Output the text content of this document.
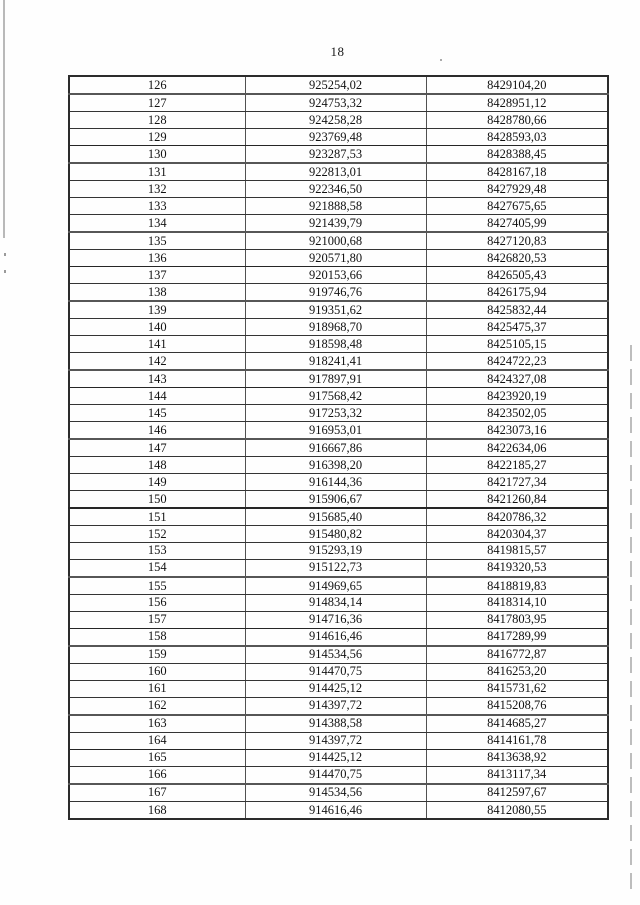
18
126	925254,02	8429104,20
127	924753,32	8428951,12
128	924258,28	8428780,66
129	923769,48	8428593,03
130	923287,53	8428388,45
131	922813,01	8428167,18
132	922346,50	8427929,48
133	921888,58	8427675,65
134	921439,79	8427405,99
135	921000,68	8427120,83
136	920571,80	8426820,53
137	920153,66	8426505,43
138	919746,76	8426175,94
139	919351,62	8425832,44
140	918968,70	8425475,37
141	918598,48	8425105,15
142	918241,41	8424722,23
143	917897,91	8424327,08
144	917568,42	8423920,19
145	917253,32	8423502,05
146	916953,01	8423073,16
147	916667,86	8422634,06
148	916398,20	8422185,27
149	916144,36	8421727,34
150	915906,67	8421260,84
151	915685,40	8420786,32
152	915480,82	8420304,37
153	915293,19	8419815,57
154	915122,73	8419320,53
155	914969,65	8418819,83
156	914834,14	8418314,10
157	914716,36	8417803,95
158	914616,46	8417289,99
159	914534,56	8416772,87
160	914470,75	8416253,20
161	914425,12	8415731,62
162	914397,72	8415208,76
163	914388,58	8414685,27
164	914397,72	8414161,78
165	914425,12	8413638,92
166	914470,75	8413117,34
167	914534,56	8412597,67
168	914616,46	8412080,55
